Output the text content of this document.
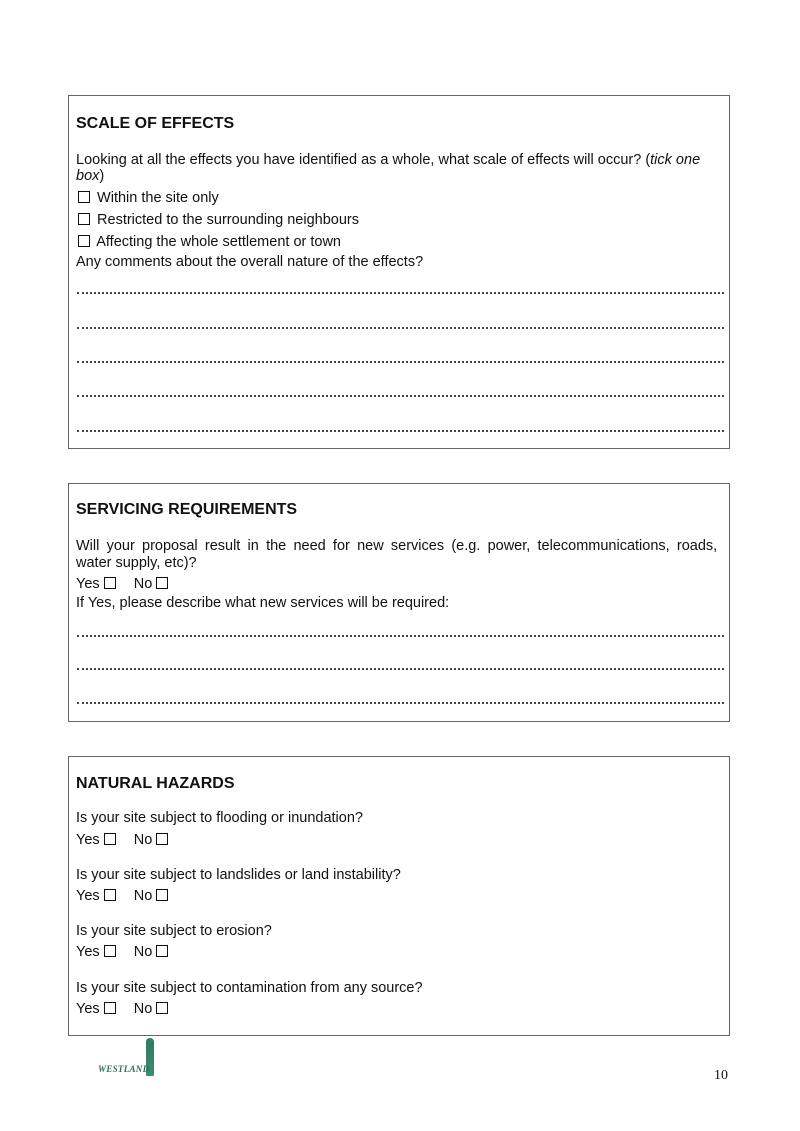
SCALE OF EFFECTS
Looking at all the effects you have identified as a whole, what scale of effects will occur? (tick one
box)
Within the site only
Restricted to the surrounding neighbours
Affecting the whole settlement or town
Any comments about the overall nature of the effects?
SERVICING REQUIREMENTS
Will your proposal result in the need for new services (e.g. power, telecommunications, roads,
water supply, etc)?
Yes No
If Yes, please describe what new services will be required:
NATURAL HAZARDS
Is your site subject to flooding or inundation?
Yes No
Is your site subject to landslides or land instability?
Yes No
Is your site subject to erosion?
Yes No
Is your site subject to contamination from any source?
Yes No
WESTLAND	10
